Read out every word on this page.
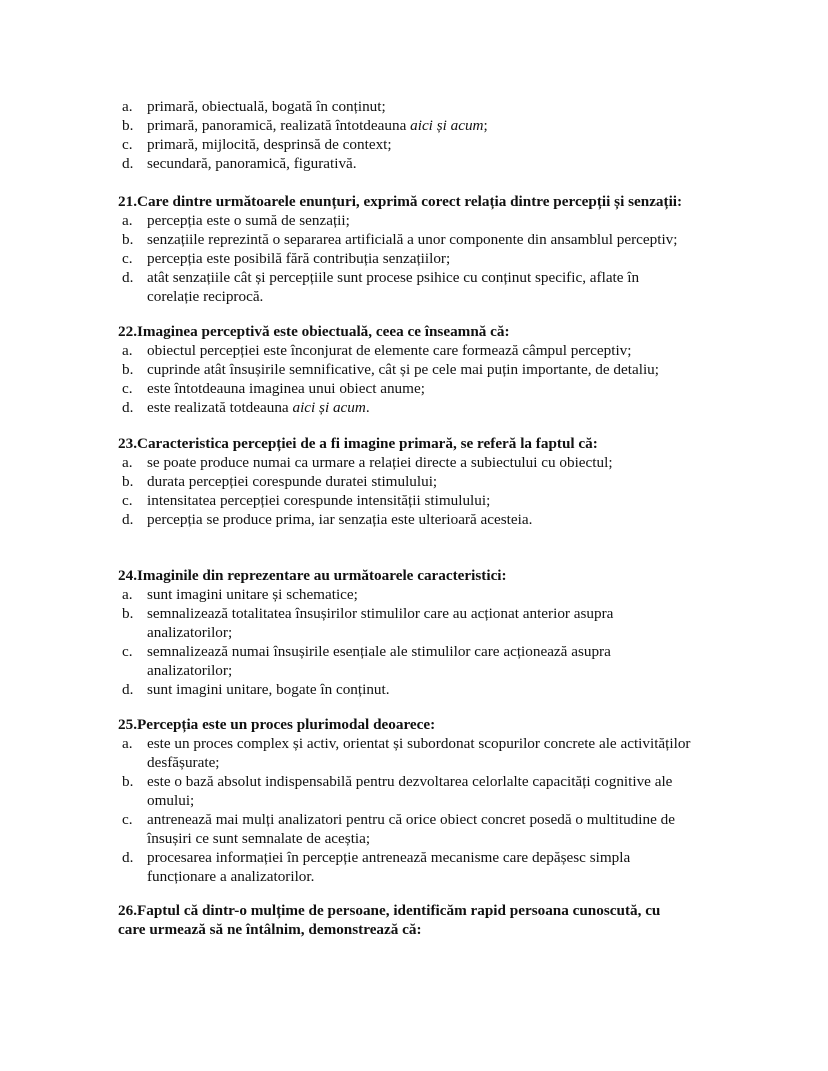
a. primară, obiectuală, bogată în conținut;
b. primară, panoramică, realizată întotdeauna aici și acum;
c. primară, mijlocită, desprinsă de context;
d. secundară, panoramică, figurativă.

21.Care dintre următoarele enunțuri, exprimă corect relația dintre percepții și senzații:

a. percepția este o sumă de senzații;
b. senzațiile reprezintă o separarea artificială a unor componente din ansamblul perceptiv;
c. percepția este posibilă fără contribuția senzațiilor;
d. atât senzațiile cât și percepțiile sunt procese psihice cu conținut specific, aflate în
corelație reciprocă.

22.Imaginea perceptivă este obiectuală, ceea ce înseamnă că:

a. obiectul percepției este înconjurat de elemente care formează câmpul perceptiv;
b. cuprinde atât însușirile semnificative, cât și pe cele mai puțin importante, de detaliu;
c. este întotdeauna imaginea unui obiect anume;
d. este realizată totdeauna aici și acum.

23.Caracteristica percepției de a fi imagine primară, se referă la faptul că:

a. se poate produce numai ca urmare a relației directe a subiectului cu obiectul;
b. durata percepției corespunde duratei stimulului;
c. intensitatea percepției corespunde intensității stimulului;
d. percepția se produce prima, iar senzația este ulterioară acesteia.

24.Imaginile din reprezentare au următoarele caracteristici:

a. sunt imagini unitare și schematice;
b. semnalizează totalitatea însușirilor stimulilor care au acționat anterior asupra
analizatorilor;
c. semnalizează numai însușirile esențiale ale stimulilor care acționează asupra
analizatorilor;
d. sunt imagini unitare, bogate în conținut.

25.Percepția este un proces plurimodal deoarece:

a. este un proces complex și activ, orientat și subordonat scopurilor concrete ale activităților
desfășurate;
b. este o bază absolut indispensabilă pentru dezvoltarea celorlalte capacități cognitive ale
omului;
c. antrenează mai mulți analizatori pentru că orice obiect concret posedă o multitudine de
însușiri ce sunt semnalate de aceștia;
d. procesarea informației în percepție antrenează mecanisme care depășesc simpla
funcționare a analizatorilor.

26.Faptul că dintr-o mulțime de persoane, identificăm rapid persoana cunoscută, cu
care urmează să ne întâlnim, demonstrează că:
